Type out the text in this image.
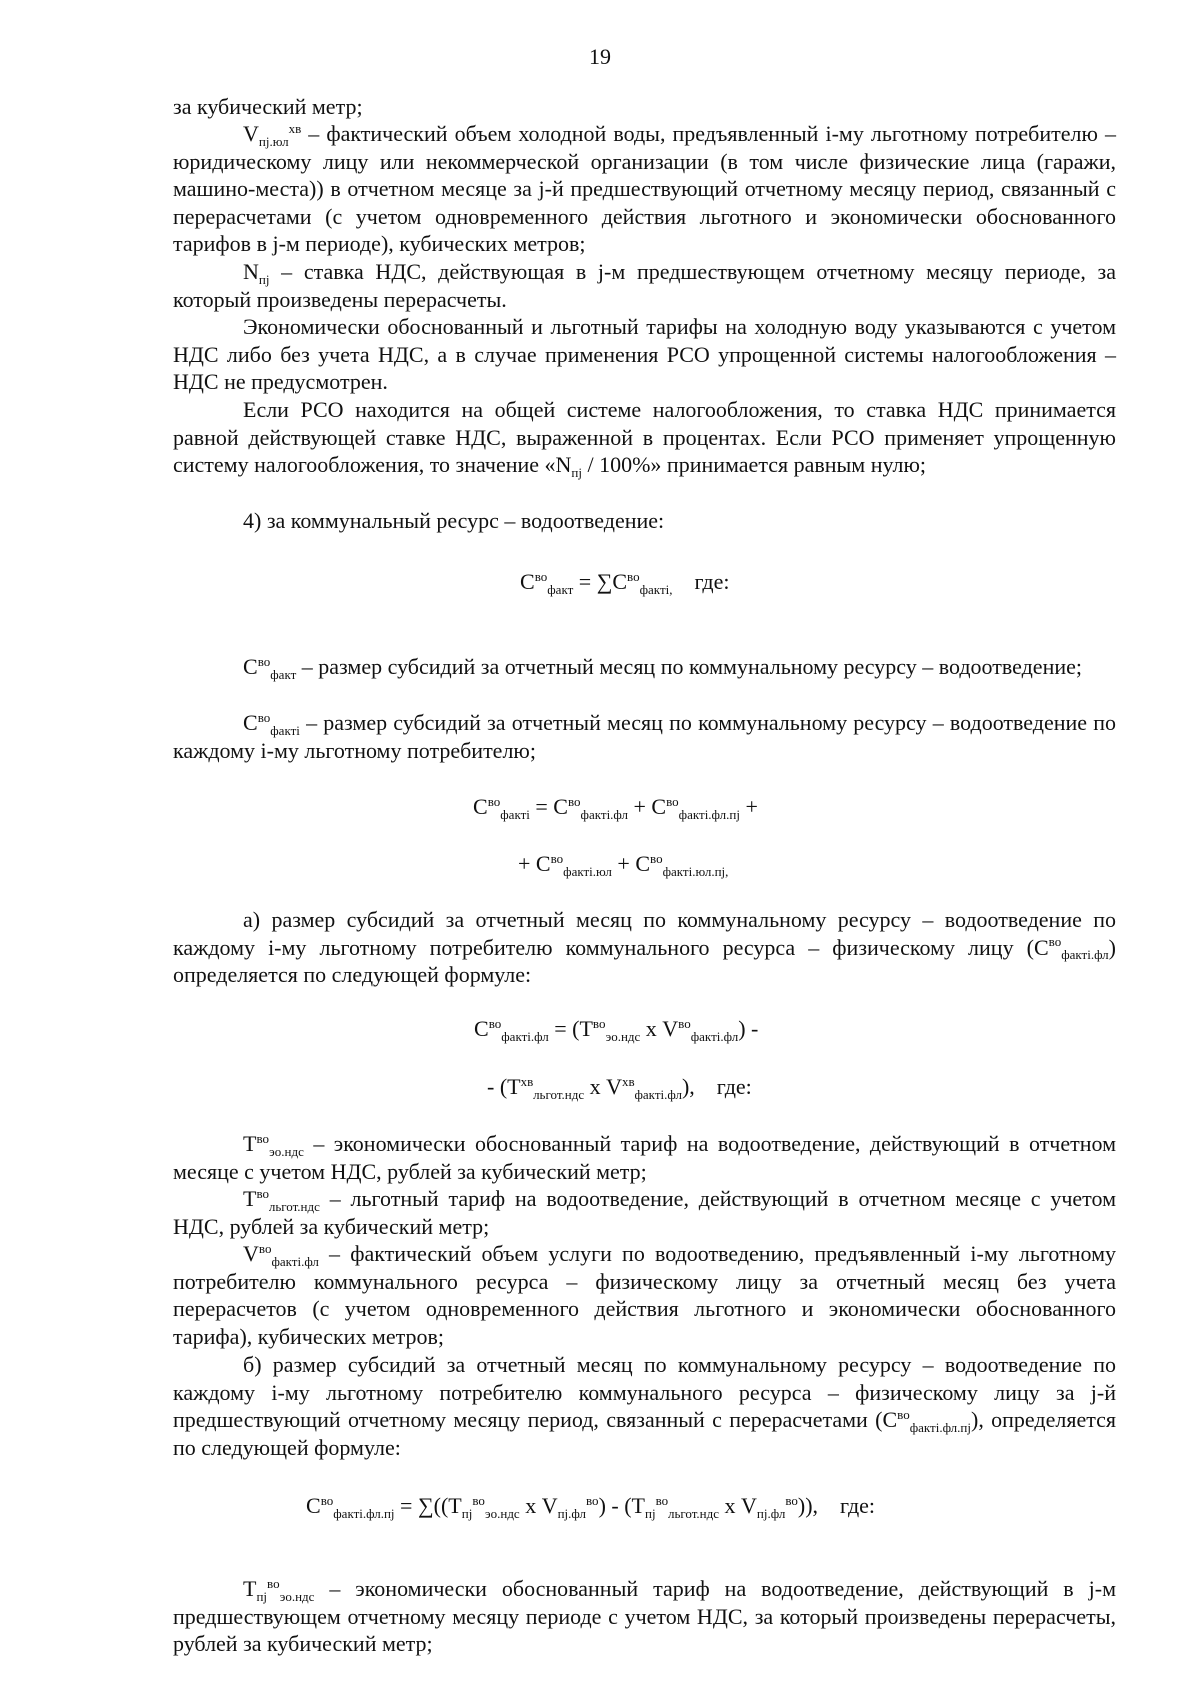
19
за кубический метр;
$V_{пj.юл}^{хв}$ – фактический объем холодной воды, предъявленный i-му льготному потребителю – юридическому лицу или некоммерческой организации (в том числе физические лица (гаражи, машино-места)) в отчетном месяце за j-й предшествующий отчетному месяцу период, связанный с перерасчетами (с учетом одновременного действия льготного и экономически обоснованного тарифов в j-м периоде), кубических метров;
$N_{пj}$ – ставка НДС, действующая в j-м предшествующем отчетному месяцу периоде, за который произведены перерасчеты.
Экономически обоснованный и льготный тарифы на холодную воду указываются с учетом НДС либо без учета НДС, а в случае применения РСО упрощенной системы налогообложения – НДС не предусмотрен.
Если РСО находится на общей системе налогообложения, то ставка НДС принимается равной действующей ставке НДС, выраженной в процентах. Если РСО применяет упрощенную систему налогообложения, то значение «$N_{пj} / 100\%$» принимается равным нулю;
4) за коммунальный ресурс – водоотведение:
$С^{во}_{факт} = \sum С^{во}_{факті,}$ где:
$С^{во}_{факт}$ – размер субсидий за отчетный месяц по коммунальному ресурсу – водоотведение;
$С^{во}_{факті}$ – размер субсидий за отчетный месяц по коммунальному ресурсу – водоотведение по каждому i-му льготному потребителю;
$С^{во}_{факті} = С^{во}_{факті.фл} + С^{во}_{факті.фл.пj}$ +
+ $С^{во}_{факті.юл} + С^{во}_{факті.юл.пj,}$
а) размер субсидий за отчетный месяц по коммунальному ресурсу – водоотведение по каждому i-му льготному потребителю коммунального ресурса – физическому лицу $(С^{во}_{факті.фл})$ определяется по следующей формуле:
$С^{во}_{факті.фл} = (Т^{во}_{эо.ндс}$ х $V^{во}_{факті.фл}$) -
- ($Т^{хв}_{льгот.ндс}$ х $V^{хв}_{факті.фл}$), где:
$Т^{во}_{эо.ндс}$ – экономически обоснованный тариф на водоотведение, действующий в отчетном месяце с учетом НДС, рублей за кубический метр;
$Т^{во}_{льгот.ндс}$ – льготный тариф на водоотведение, действующий в отчетном месяце с учетом НДС, рублей за кубический метр;
$V^{во}_{факті.фл}$ – фактический объем услуги по водоотведению, предъявленный i-му льготному потребителю коммунального ресурса – физическому лицу за отчетный месяц без учета перерасчетов (с учетом одновременного действия льготного и экономически обоснованного тарифа), кубических метров;
б) размер субсидий за отчетный месяц по коммунальному ресурсу – водоотведение по каждому i-му льготному потребителю коммунального ресурса – физическому лицу за j-й предшествующий отчетному месяцу период, связанный с перерасчетами $(С^{во}_{факті.фл.пj})$, определяется по следующей формуле:
$С^{во}_{факті.фл.пj} = \sum((Т_{пj}^{во}_{эо.ндс}$ х $V_{пj.фл}^{во}) - (Т_{пj}^{во}_{льгот.ндс}$ х $V_{пj.фл}^{во}$)), где:
$Т_{пj}^{во}_{эо.ндс}$ – экономически обоснованный тариф на водоотведение, действующий в j-м предшествующем отчетному месяцу периоде с учетом НДС, за который произведены перерасчеты, рублей за кубический метр;
